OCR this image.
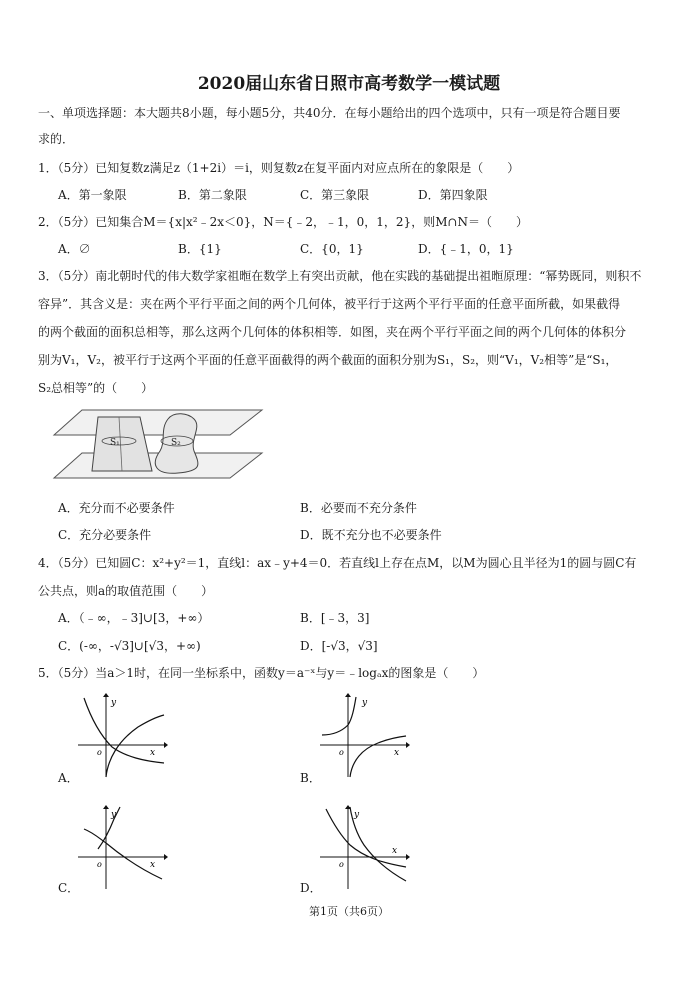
2020届山东省日照市高考数学一模试题
一、单项选择题：本大题共8小题，每小题5分，共40分．在每小题给出的四个选项中，只有一项是符合题目要
求的．
1．（5分）已知复数z满足z（1+2i）＝i，则复数z在复平面内对应点所在的象限是（　　）
A．第一象限	B．第二象限	C．第三象限	D．第四象限
2．（5分）已知集合M＝{x|x²﹣2x＜0}，N＝{﹣2，﹣1，0，1，2}，则M∩N＝（　　）
A．∅	B．{1}	C．{0，1}	D．{﹣1，0，1}
3．（5分）南北朝时代的伟大数学家祖暅在数学上有突出贡献，他在实践的基础提出祖暅原理：“幂势既同，则积不
容异”．其含义是：夹在两个平行平面之间的两个几何体，被平行于这两个平行平面的任意平面所截，如果截得
的两个截面的面积总相等，那么这两个几何体的体积相等．如图，夹在两个平行平面之间的两个几何体的体积分
别为V₁，V₂，被平行于这两个平面的任意平面截得的两个截面的面积分别为S₁，S₂，则“V₁，V₂相等”是“S₁，
S₂总相等”的（　　）
S₁	S₂
A．充分而不必要条件	B．必要而不充分条件
C．充分必要条件	D．既不充分也不必要条件
4．（5分）已知圆C：x²+y²＝1，直线l：ax﹣y+4＝0．若直线l上存在点M，以M为圆心且半径为1的圆与圆C有
公共点，则a的取值范围（　　）
A．（﹣∞，﹣3]∪[3，+∞）	B．[﹣3，3]
C．(-∞，-√3]∪[√3，+∞)	D．[-√3，√3]
5．（5分）当a＞1时，在同一坐标系中，函数y＝a⁻ˣ与y＝﹣logₐx的图象是（　　）
y
x
o
A．
y
x
o
B．
y
x
o
C．
y
x
o
D．
第1页（共6页）
